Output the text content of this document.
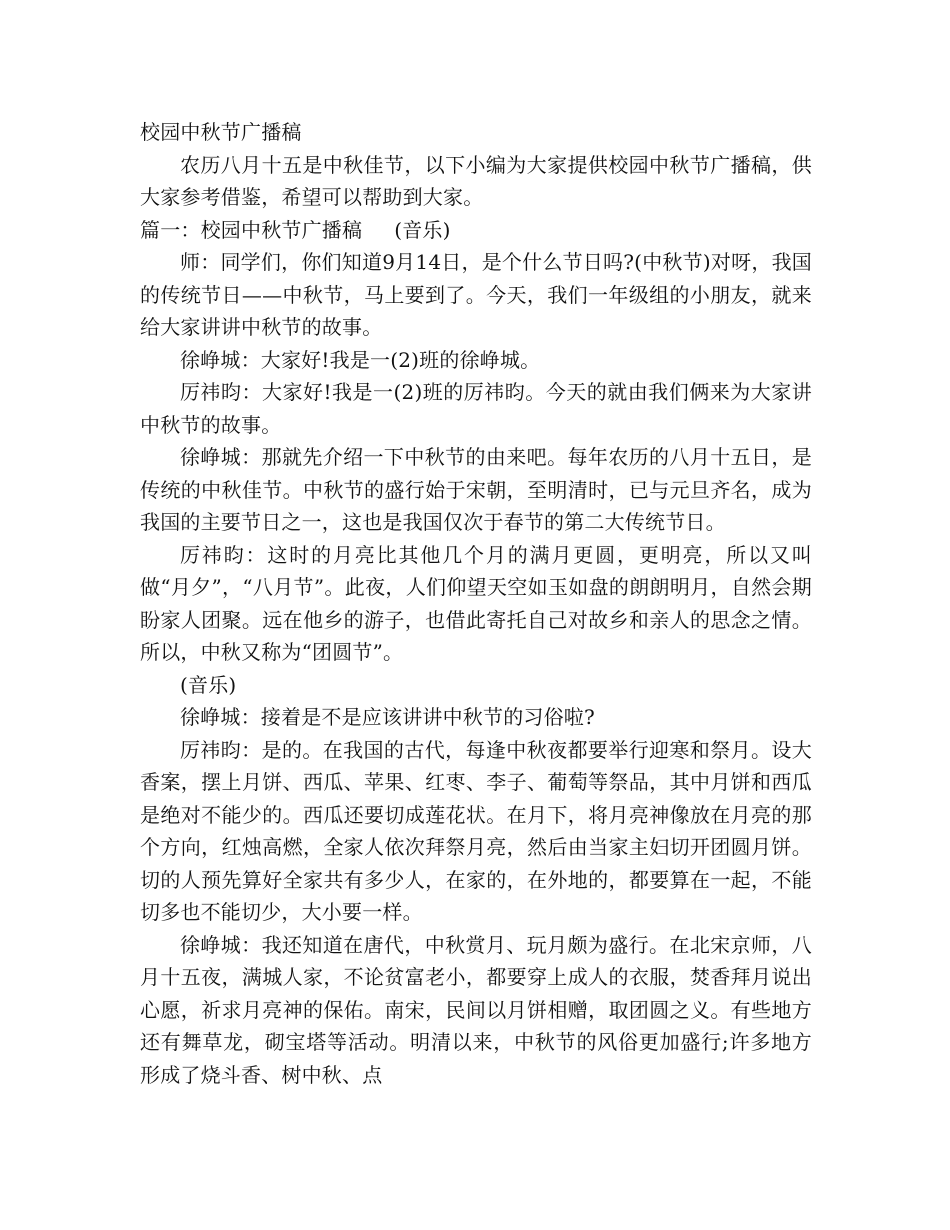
校园中秋节广播稿

农历八月十五是中秋佳节，以下小编为大家提供校园中秋节广播稿，供大家参考借鉴，希望可以帮助到大家。

篇一：校园中秋节广播稿 (音乐)

师：同学们，你们知道9月14日，是个什么节日吗?(中秋节)对呀，我国的传统节日——中秋节，马上要到了。今天，我们一年级组的小朋友，就来给大家讲讲中秋节的故事。

徐峥城：大家好!我是一(2)班的徐峥城。

厉祎昀：大家好!我是一(2)班的厉祎昀。今天的就由我们俩来为大家讲中秋节的故事。

徐峥城：那就先介绍一下中秋节的由来吧。每年农历的八月十五日，是传统的中秋佳节。中秋节的盛行始于宋朝，至明清时，已与元旦齐名，成为我国的主要节日之一，这也是我国仅次于春节的第二大传统节日。

厉祎昀：这时的月亮比其他几个月的满月更圆，更明亮，所以又叫做“月夕”，“八月节”。此夜，人们仰望天空如玉如盘的朗朗明月，自然会期盼家人团聚。远在他乡的游子，也借此寄托自己对故乡和亲人的思念之情。所以，中秋又称为“团圆节”。

(音乐)

徐峥城：接着是不是应该讲讲中秋节的习俗啦?

厉祎昀：是的。在我国的古代，每逢中秋夜都要举行迎寒和祭月。设大香案，摆上月饼、西瓜、苹果、红枣、李子、葡萄等祭品，其中月饼和西瓜是绝对不能少的。西瓜还要切成莲花状。在月下，将月亮神像放在月亮的那个方向，红烛高燃，全家人依次拜祭月亮，然后由当家主妇切开团圆月饼。切的人预先算好全家共有多少人，在家的，在外地的，都要算在一起，不能切多也不能切少，大小要一样。

徐峥城：我还知道在唐代，中秋赏月、玩月颇为盛行。在北宋京师，八月十五夜，满城人家，不论贫富老小，都要穿上成人的衣服，焚香拜月说出心愿，祈求月亮神的保佑。南宋，民间以月饼相赠，取团圆之义。有些地方还有舞草龙，砌宝塔等活动。明清以来，中秋节的风俗更加盛行;许多地方形成了烧斗香、树中秋、点
